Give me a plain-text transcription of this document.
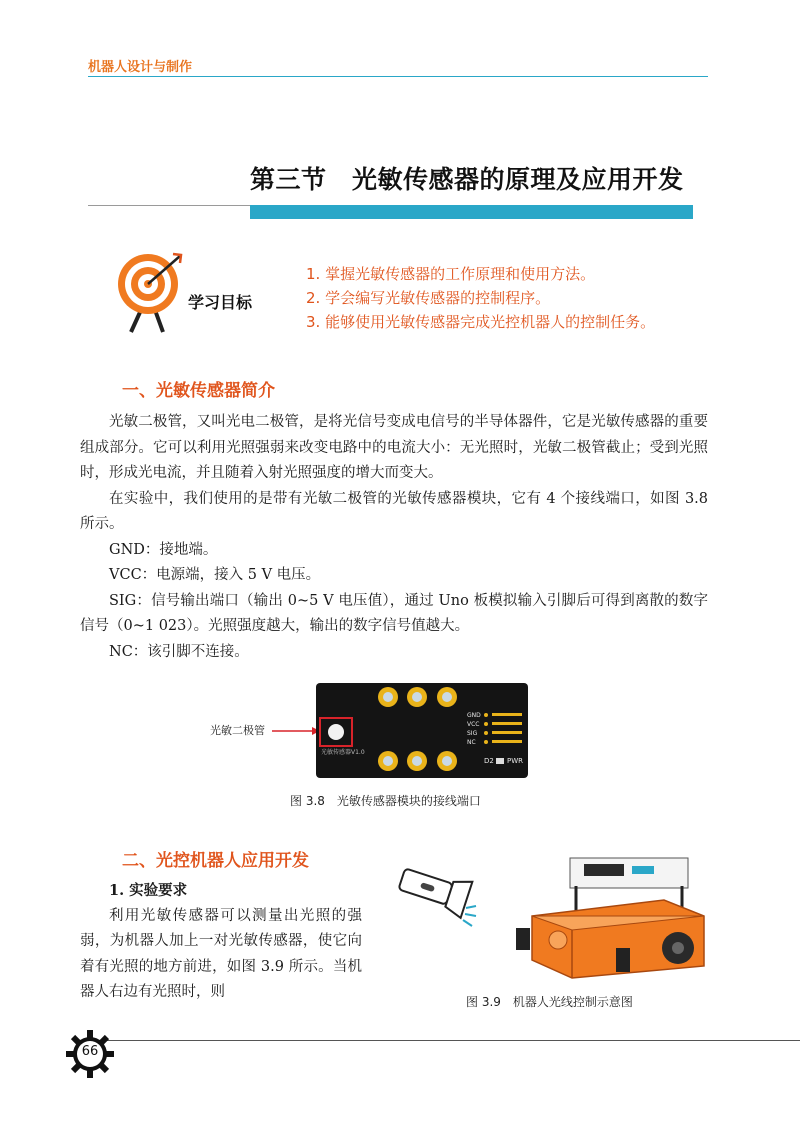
机器人设计与制作
第三节　光敏传感器的原理及应用开发
学习目标
1. 掌握光敏传感器的工作原理和使用方法。
2. 学会编写光敏传感器的控制程序。
3. 能够使用光敏传感器完成光控机器人的控制任务。
一、光敏传感器简介

光敏二极管，又叫光电二极管，是将光信号变成电信号的半导体器件，它是光敏传感器的重要组成部分。它可以利用光照强弱来改变电路中的电流大小：无光照时，光敏二极管截止；受到光照时，形成光电流，并且随着入射光照强度的增大而变大。

在实验中，我们使用的是带有光敏二极管的光敏传感器模块，它有 4 个接线端口，如图 3.8 所示。

GND：接地端。

VCC：电源端，接入 5 V 电压。

SIG：信号输出端口（输出 0~5 V 电压值），通过 Uno 板模拟输入引脚后可得到离散的数字信号（0~1 023）。光照强度越大，输出的数字信号值越大。

NC：该引脚不连接。

光敏二极管
光敏传感器V1.0
GND
VCC
SIG
NC
D2 PWR
图 3.8　光敏传感器模块的接线端口
二、光控机器人应用开发

1. 实验要求

利用光敏传感器可以测量出光照的强弱，为机器人加上一对光敏传感器，使它向着有光照的地方前进，如图 3.9 所示。当机器人右边有光照时，则

图 3.9　机器人光线控制示意图
66
